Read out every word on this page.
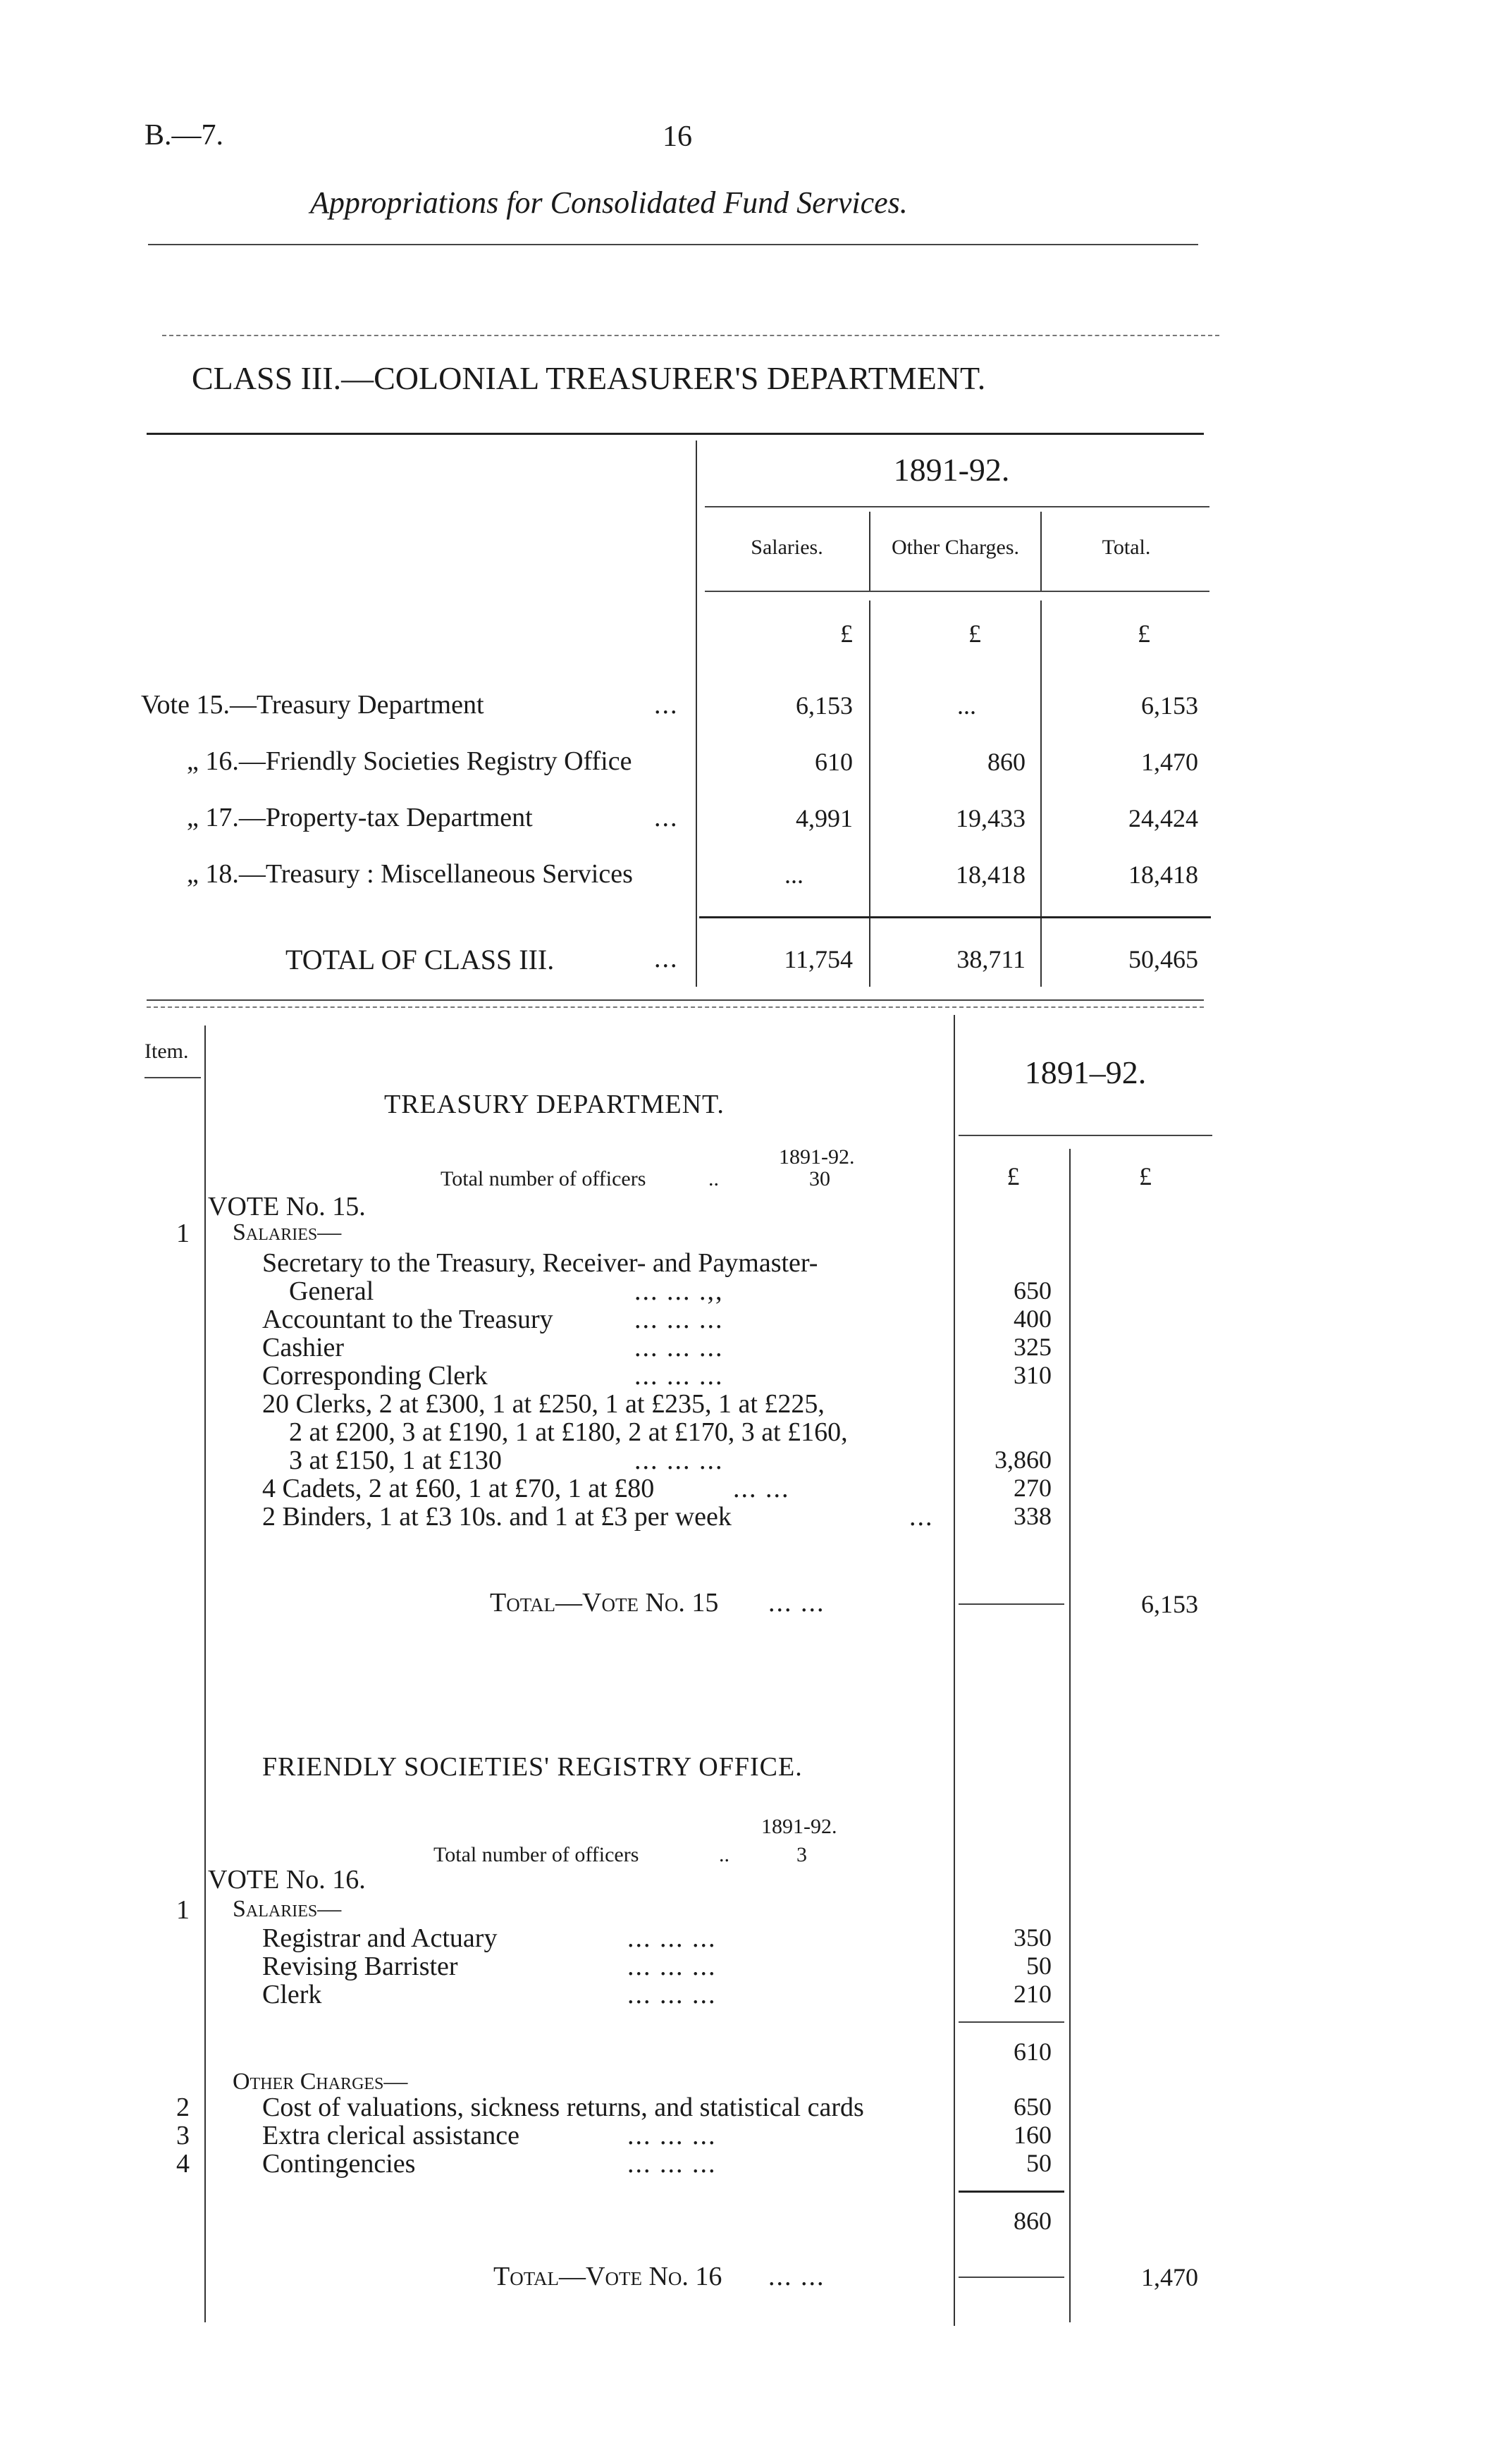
B.—7.	16
Appropriations for Consolidated Fund Services.
CLASS III.—COLONIAL TREASURER'S DEPARTMENT.
1891-92.
Salaries.	Other Charges.	Total.
£	£	£
Vote 15.—Treasury Department	...	6,153	...	6,153
„ 16.—Friendly Societies Registry Office	610	860	1,470
„ 17.—Property-tax Department	...	4,991	19,433	24,424
„ 18.—Treasury : Miscellaneous Services	...	18,418	18,418
TOTAL OF CLASS III.	...	11,754	38,711	50,465
Item.
1891–92.
£	£
TREASURY DEPARTMENT.
1891-92.
Total number of officers	..	30
VOTE No. 15.
1 Salaries—
Secretary to the Treasury, Receiver- and Paymaster-
General	... ... .,,	650
Accountant to the Treasury	... ... ...	400
Cashier	... ... ...	325
Corresponding Clerk	... ... ...	310
20 Clerks, 2 at £300, 1 at £250, 1 at £235, 1 at £225,
2 at £200, 3 at £190, 1 at £180, 2 at £170, 3 at £160,
3 at £150, 1 at £130	... ... ...	3,860
4 Cadets, 2 at £60, 1 at £70, 1 at £80	... ...	270
2 Binders, 1 at £3 10s. and 1 at £3 per week	...	338
Total—Vote No. 15 ... ...	6,153
FRIENDLY SOCIETIES' REGISTRY OFFICE.
1891-92.
Total number of officers	..	3
VOTE No. 16.
1 Salaries—
Registrar and Actuary	... ... ...	350
Revising Barrister	... ... ...	50
Clerk	... ... ...	210
610
Other Charges—
2	Cost of valuations, sickness returns, and statistical cards	650
3	Extra clerical assistance	... ... ...	160
4	Contingencies	... ... ...	50
860
Total—Vote No. 16 ... ...	1,470
